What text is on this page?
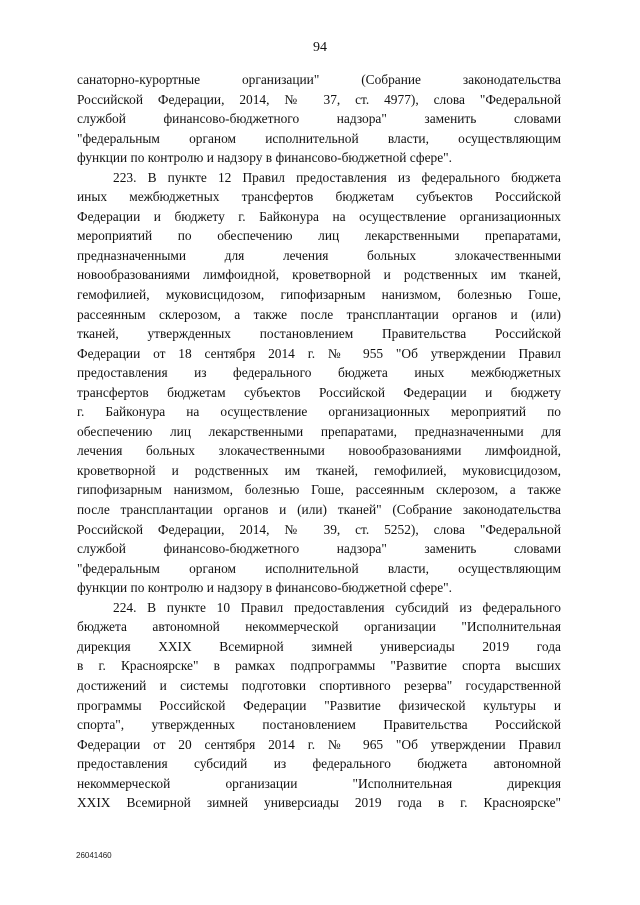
94
санаторно-курортные организации" (Собрание законодательства
Российской Федерации, 2014, № 37, ст. 4977), слова "Федеральной
службой финансово-бюджетного надзора" заменить словами
"федеральным органом исполнительной власти, осуществляющим
функции по контролю и надзору в финансово-бюджетной сфере".
223. В пункте 12 Правил предоставления из федерального бюджета
иных межбюджетных трансфертов бюджетам субъектов Российской
Федерации и бюджету г. Байконура на осуществление организационных
мероприятий по обеспечению лиц лекарственными препаратами,
предназначенными для лечения больных злокачественными
новообразованиями лимфоидной, кроветворной и родственных им тканей,
гемофилией, муковисцидозом, гипофизарным нанизмом, болезнью Гоше,
рассеянным склерозом, а также после трансплантации органов и (или)
тканей, утвержденных постановлением Правительства Российской
Федерации от 18 сентября 2014 г. № 955 "Об утверждении Правил
предоставления из федерального бюджета иных межбюджетных
трансфертов бюджетам субъектов Российской Федерации и бюджету
г. Байконура на осуществление организационных мероприятий по
обеспечению лиц лекарственными препаратами, предназначенными для
лечения больных злокачественными новообразованиями лимфоидной,
кроветворной и родственных им тканей, гемофилией, муковисцидозом,
гипофизарным нанизмом, болезнью Гоше, рассеянным склерозом, а также
после трансплантации органов и (или) тканей" (Собрание законодательства
Российской Федерации, 2014, № 39, ст. 5252), слова "Федеральной
службой финансово-бюджетного надзора" заменить словами
"федеральным органом исполнительной власти, осуществляющим
функции по контролю и надзору в финансово-бюджетной сфере".
224. В пункте 10 Правил предоставления субсидий из федерального
бюджета автономной некоммерческой организации "Исполнительная
дирекция XXIX Всемирной зимней универсиады 2019 года
в г. Красноярске" в рамках подпрограммы "Развитие спорта высших
достижений и системы подготовки спортивного резерва" государственной
программы Российской Федерации "Развитие физической культуры и
спорта", утвержденных постановлением Правительства Российской
Федерации от 20 сентября 2014 г. № 965 "Об утверждении Правил
предоставления субсидий из федерального бюджета автономной
некоммерческой организации "Исполнительная дирекция
XXIX Всемирной зимней универсиады 2019 года в г. Красноярске"
26041460
